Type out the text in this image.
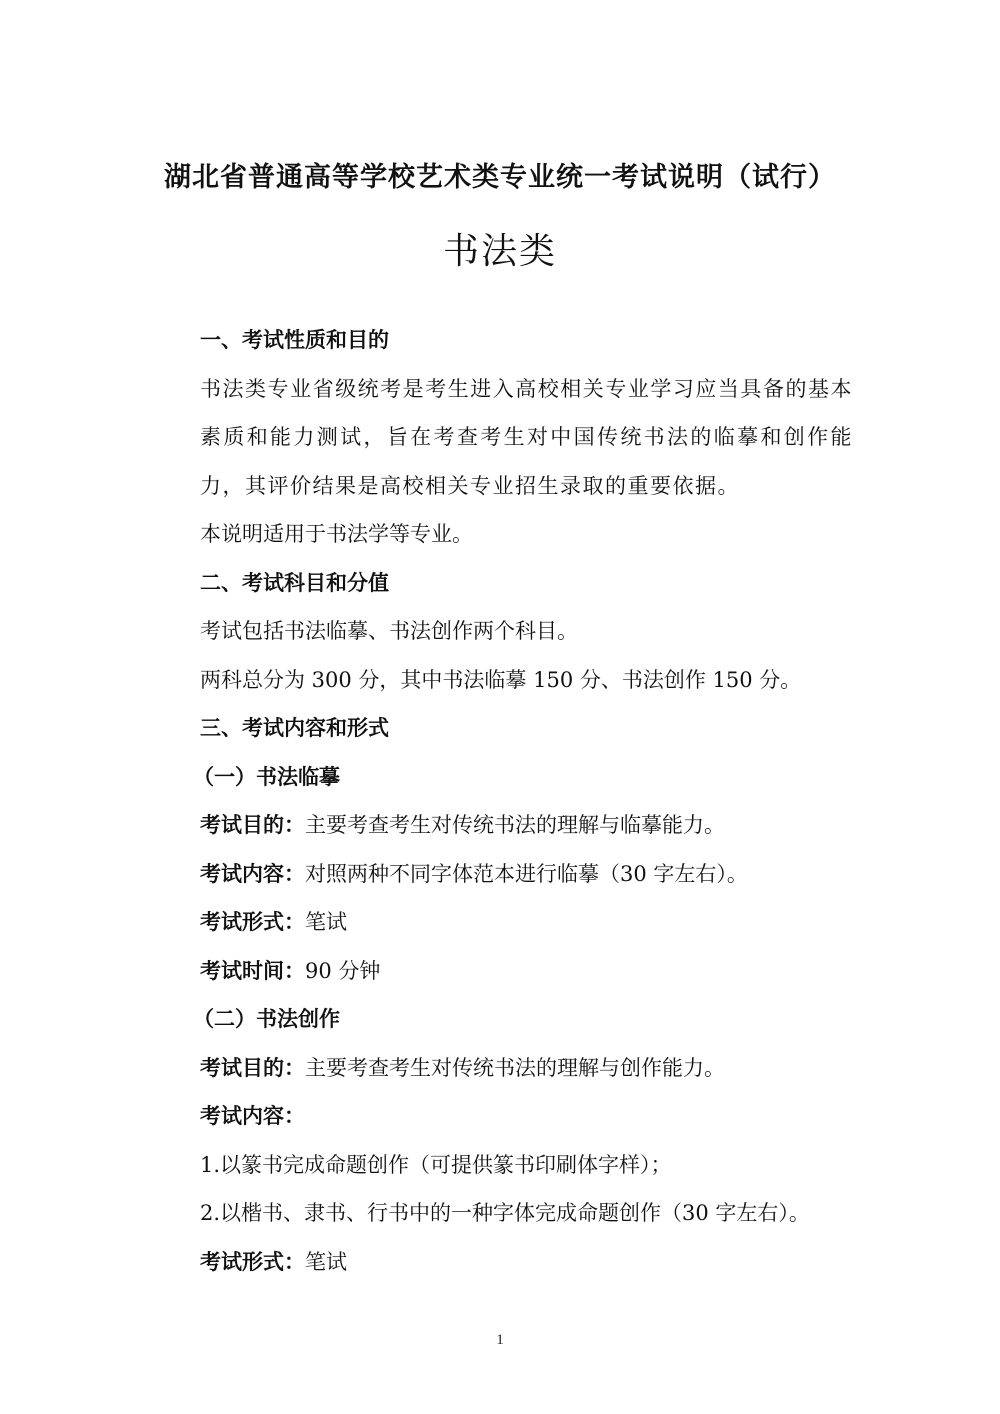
湖北省普通高等学校艺术类专业统一考试说明（试行）
书法类

一、考试性质和目的

书法类专业省级统考是考生进入高校相关专业学习应当具备的基本素质和能力测试，旨在考查考生对中国传统书法的临摹和创作能力，其评价结果是高校相关专业招生录取的重要依据。

本说明适用于书法学等专业。

二、考试科目和分值

考试包括书法临摹、书法创作两个科目。

两科总分为 300 分，其中书法临摹 150 分、书法创作 150 分。

三、考试内容和形式

（一）书法临摹

考试目的：主要考查考生对传统书法的理解与临摹能力。

考试内容：对照两种不同字体范本进行临摹（30 字左右）。

考试形式：笔试

考试时间：90 分钟

（二）书法创作

考试目的：主要考查考生对传统书法的理解与创作能力。

考试内容：

1.以篆书完成命题创作（可提供篆书印刷体字样）；

2.以楷书、隶书、行书中的一种字体完成命题创作（30 字左右）。

考试形式：笔试

1
